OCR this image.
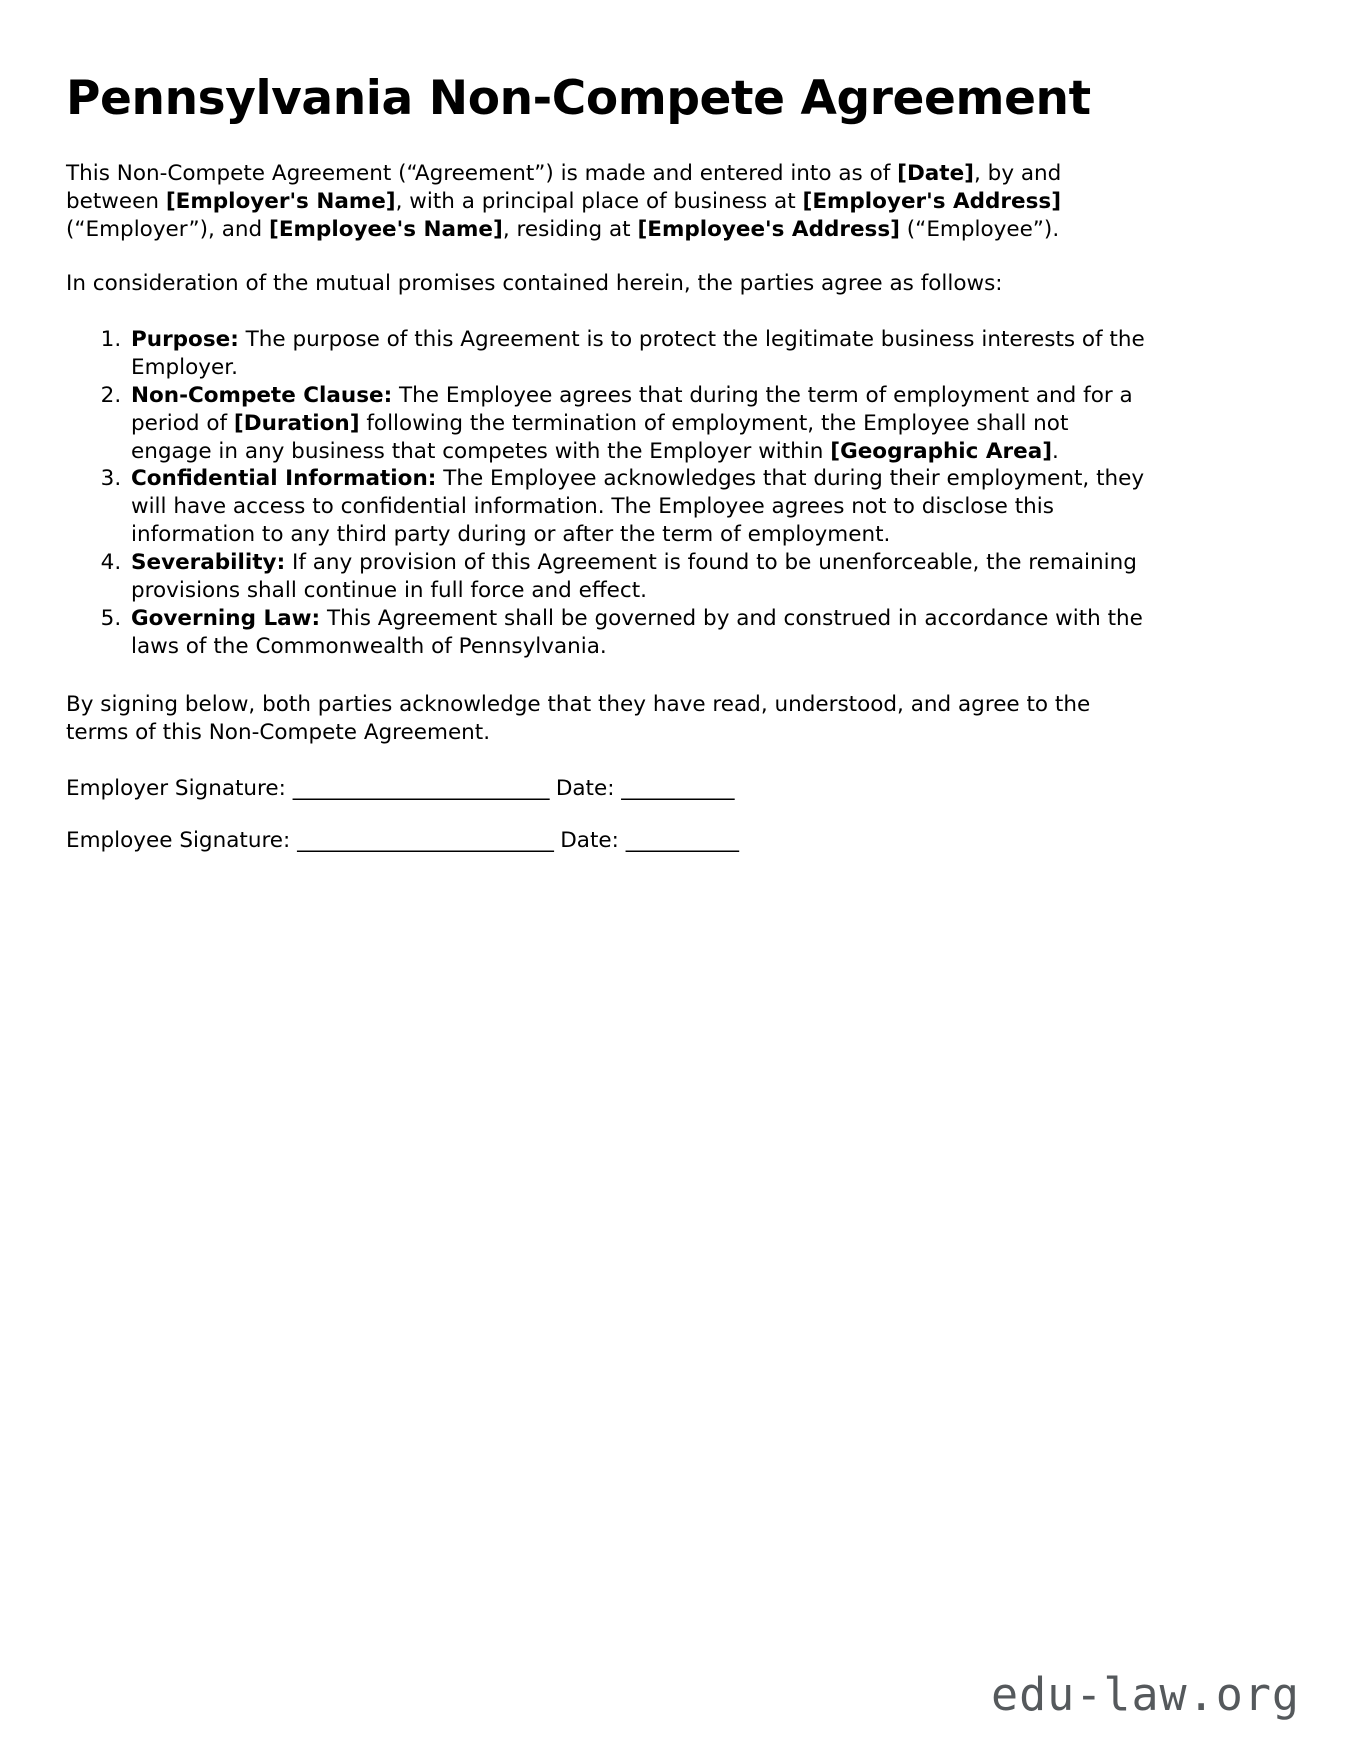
Pennsylvania Non-Compete Agreement

This Non-Compete Agreement (“Agreement”) is made and entered into as of [Date], by and between [Employer's Name], with a principal place of business at [Employer's Address] (“Employer”), and [Employee's Name], residing at [Employee's Address] (“Employee”).

In consideration of the mutual promises contained herein, the parties agree as follows:

1. Purpose: The purpose of this Agreement is to protect the legitimate business interests of the Employer.
2. Non-Compete Clause: The Employee agrees that during the term of employment and for a period of [Duration] following the termination of employment, the Employee shall not engage in any business that competes with the Employer within [Geographic Area].
3. Confidential Information: The Employee acknowledges that during their employment, they will have access to confidential information. The Employee agrees not to disclose this information to any third party during or after the term of employment.
4. Severability: If any provision of this Agreement is found to be unenforceable, the remaining provisions shall continue in full force and effect.
5. Governing Law: This Agreement shall be governed by and construed in accordance with the laws of the Commonwealth of Pennsylvania.

By signing below, both parties acknowledge that they have read, understood, and agree to the terms of this Non-Compete Agreement.

Employer Signature: _________________________ Date: ___________

Employee Signature: _________________________ Date: ___________

edu-law.org
